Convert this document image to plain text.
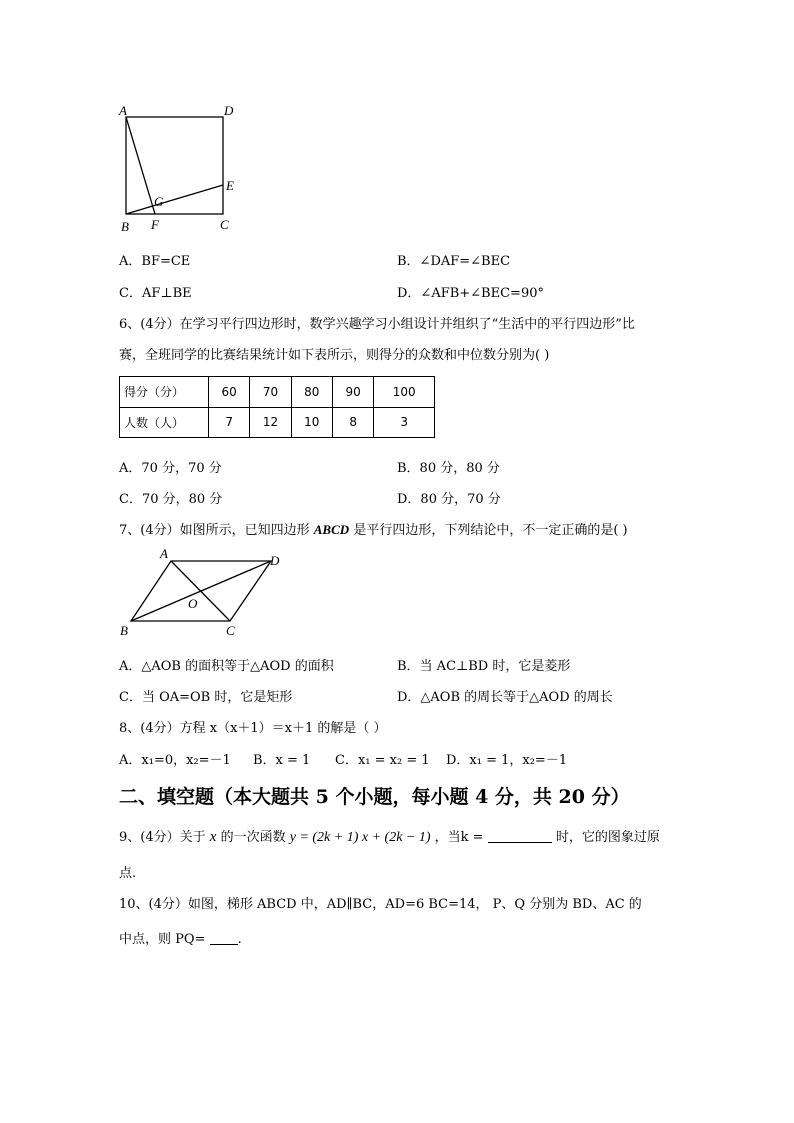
A	D
E
G
B F	C
A．BF=CE	B．∠DAF=∠BEC
C．AF⊥BE	D．∠AFB+∠BEC=90°
6、(4分）在学习平行四边形时，数学兴趣学习小组设计并组织了“生活中的平行四边形”比
赛，全班同学的比赛结果统计如下表所示，则得分的众数和中位数分别为( )
得分（分）	60	70	80	90	100
人数（人）	7	12	10	8	3
A．70 分，70 分	B．80 分，80 分
C．70 分，80 分	D．80 分，70 分
7、(4分）如图所示，已知四边形 ABCD 是平行四边形，下列结论中，不一定正确的是( )
A	D
O
B	C
A．△AOB 的面积等于△AOD 的面积	B．当 AC⊥BD 时，它是菱形
C．当 OA=OB 时，它是矩形	D．△AOB 的周长等于△AOD 的周长
8、(4分）方程 x（x＋1）＝x＋1 的解是（ ）
A．x₁=0，x₂=－1 B．x = 1 C．x₁ = x₂ = 1 D．x₁ = 1，x₂=－1
二、填空题（本大题共 5 个小题，每小题 4 分，共 20 分）
9、(4分）关于 x 的一次函数 y = (2k + 1) x + (2k − 1) ，当k =	时，它的图象过原
点.
10、(4分）如图，梯形 ABCD 中，AD∥BC，AD=6 BC=14， P、Q 分别为 BD、AC 的
中点，则 PQ= .
